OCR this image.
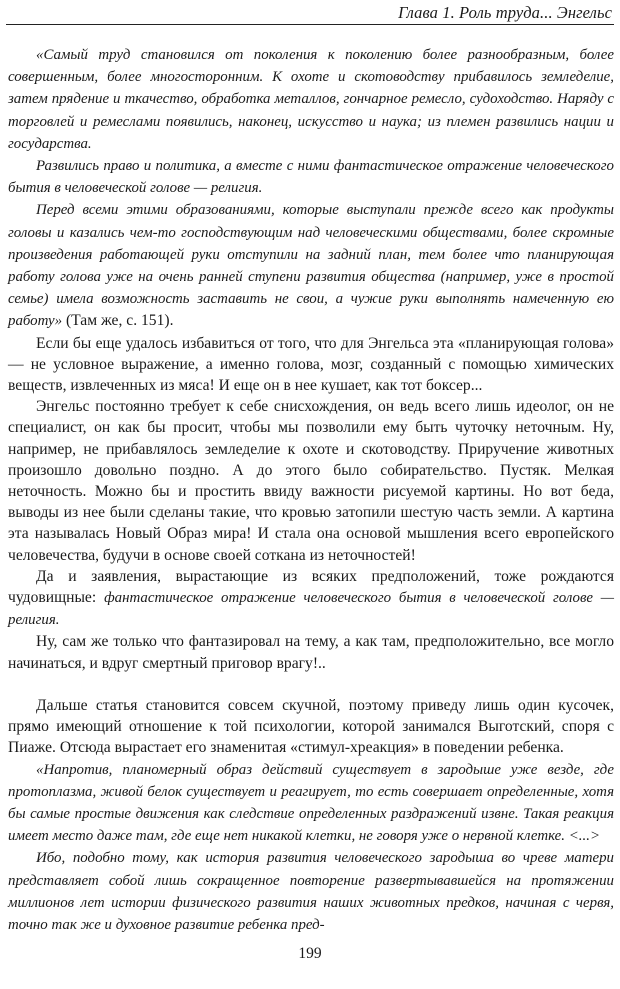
Глава 1. Роль труда... Энгельс

«Самый труд становился от поколения к поколению более разнообразным, более совершенным, более многосторонним. К охоте и скотоводству прибавилось земледелие, затем прядение и ткачество, обработка металлов, гончарное ремесло, судоходство. Наряду с торговлей и ремеслами появились, наконец, искусство и наука; из племен развились нации и государства.

Развились право и политика, а вместе с ними фантастическое отражение человеческого бытия в человеческой голове — религия.

Перед всеми этими образованиями, которые выступали прежде всего как продукты головы и казались чем-то господствующим над человеческими обществами, более скромные произведения работающей руки отступили на задний план, тем более что планирующая работу голова уже на очень ранней ступени развития общества (например, уже в простой семье) имела возможность заставить не свои, а чужие руки выполнять намеченную ею работу» (Там же, с. 151).

Если бы еще удалось избавиться от того, что для Энгельса эта «планирующая голова» — не условное выражение, а именно голова, мозг, созданный с помощью химических веществ, извлеченных из мяса! И еще он в нее кушает, как тот боксер...

Энгельс постоянно требует к себе снисхождения, он ведь всего лишь идеолог, он не специалист, он как бы просит, чтобы мы позволили ему быть чуточку неточным. Ну, например, не прибавлялось земледелие к охоте и скотоводству. Приручение животных произошло довольно поздно. А до этого было собирательство. Пустяк. Мелкая неточность. Можно бы и простить ввиду важности рисуемой картины. Но вот беда, выводы из нее были сделаны такие, что кровью затопили шестую часть земли. А картина эта называлась Новый Образ мира! И стала она основой мышления всего европейского человечества, будучи в основе своей соткана из неточностей!

Да и заявления, вырастающие из всяких предположений, тоже рождаются чудовищные: фантастическое отражение человеческого бытия в человеческой голове — религия.

Ну, сам же только что фантазировал на тему, а как там, предположительно, все могло начинаться, и вдруг смертный приговор врагу!..

Дальше статья становится совсем скучной, поэтому приведу лишь один кусочек, прямо имеющий отношение к той психологии, которой занимался Выготский, споря с Пиаже. Отсюда вырастает его знаменитая «стимул-хреакция» в поведении ребенка.

«Напротив, планомерный образ действий существует в зародыше уже везде, где протоплазма, живой белок существует и реагирует, то есть совершает определенные, хотя бы самые простые движения как следствие определенных раздражений извне. Такая реакция имеет место даже там, где еще нет никакой клетки, не говоря уже о нервной клетке. <...>

Ибо, подобно тому, как история развития человеческого зародыша во чреве матери представляет собой лишь сокращенное повторение развертывавшейся на протяжении миллионов лет истории физического развития наших животных предков, начиная с червя, точно так же и духовное развитие ребенка пред-

199
